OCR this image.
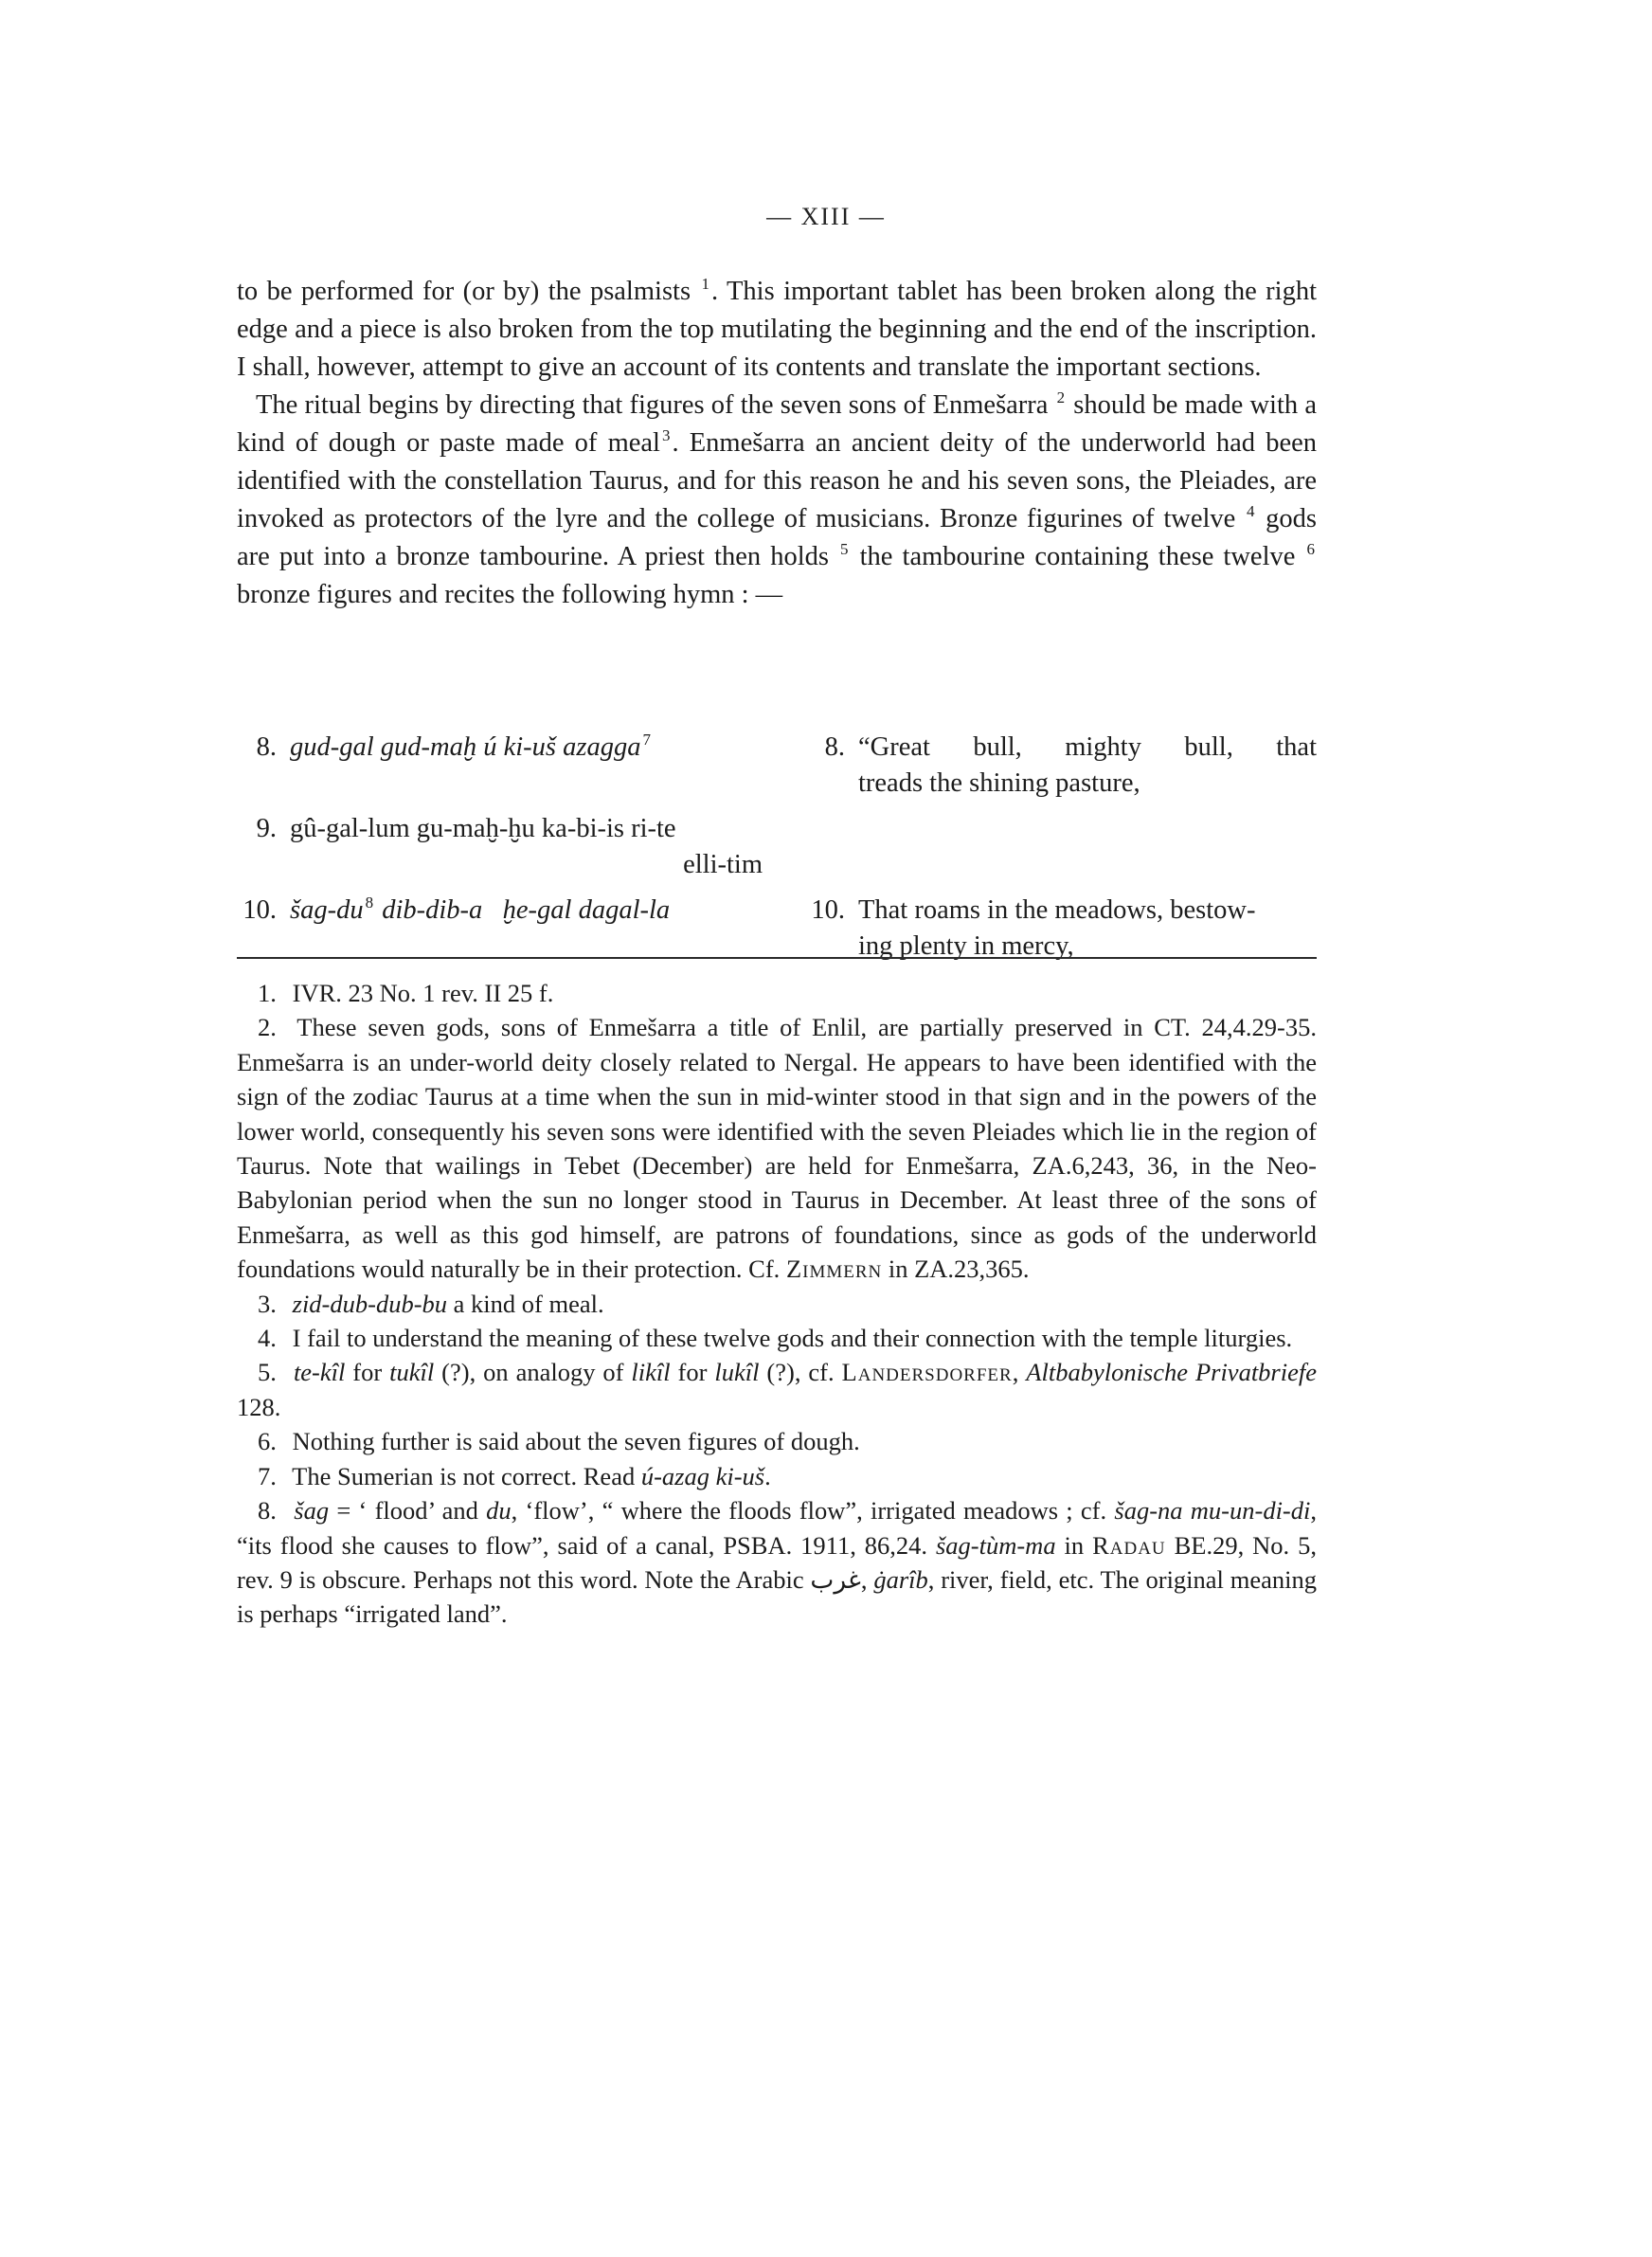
— XIII —

to be performed for (or by) the psalmists $^1$. This important tablet has been broken along the right edge and a piece is also broken from the top mutilating the beginning and the end of the inscription. I shall, however, attempt to give an account of its contents and translate the important sections.

The ritual begins by directing that figures of the seven sons of Enmešarra $^2$ should be made with a kind of dough or paste made of meal $^3$. Enmešarra an ancient deity of the underworld had been identified with the constellation Taurus, and for this reason he and his seven sons, the Pleiades, are invoked as protectors of the lyre and the college of musicians. Bronze figurines of twelve $^4$ gods are put into a bronze tambourine. A priest then holds $^5$ the tambourine containing these twelve $^6$ bronze figures and recites the following hymn : —

8. gud-gal gud-maḫ ú ki-uš azagga $^7$	8. “Great bull, mighty bull, that
treads the shining pasture,
9. gû-gal-lum gu-maḫ-ḫu ka-bi-is ri-te
elli-tim
10. šag-du $^8$ dib-dib-a   ḫe-gal dagal-la	10. That roams in the meadows, bestow-
ing plenty in mercy,

1. IVR. 23 No. 1 rev. II 25 f.

2. These seven gods, sons of Enmešarra a title of Enlil, are partially preserved in CT. 24,4.29-35. Enmešarra is an under-world deity closely related to Nergal. He appears to have been identified with the sign of the zodiac Taurus at a time when the sun in mid-winter stood in that sign and in the powers of the lower world, consequently his seven sons were identified with the seven Pleiades which lie in the region of Taurus. Note that wailings in Tebet (December) are held for Enmešarra, ZA.6,243, 36, in the Neo-Babylonian period when the sun no longer stood in Taurus in December. At least three of the sons of Enmešarra, as well as this god himself, are patrons of foundations, since as gods of the underworld foundations would naturally be in their protection. Cf. Zimmern in ZA.23,365.

3. zid-dub-dub-bu a kind of meal.

4. I fail to understand the meaning of these twelve gods and their connection with the temple liturgies.

5. te-kîl for tukîl (?), on analogy of likîl for lukîl (?), cf. Landersdorfer, Altbabylonische Privatbriefe 128.

6. Nothing further is said about the seven figures of dough.

7. The Sumerian is not correct. Read ú-azag ki-uš.

8. šag = ‘ flood’ and du, ‘flow’, “ where the floods flow”, irrigated meadows ; cf. šag-na mu-un-di-di, “its flood she causes to flow”, said of a canal, PSBA. 1911, 86,24. šag-tùm-ma in Radau BE.29, No. 5, rev. 9 is obscure. Perhaps not this word. Note the Arabic غرب, ġarîb, river, field, etc. The original meaning is perhaps “irrigated land”.
